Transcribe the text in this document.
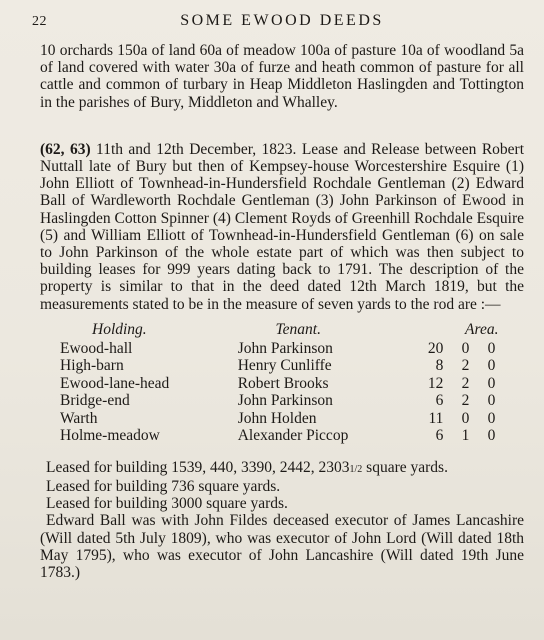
22	SOME EWOOD DEEDS

10 orchards 150a of land 60a of meadow 100a of pasture 10a of woodland 5a of land covered with water 30a of furze and heath common of pasture for all cattle and common of turbary in Heap Middleton Haslingden and Tottington in the parishes of Bury, Middleton and Whalley.

(62, 63) 11th and 12th December, 1823. Lease and Release between Robert Nuttall late of Bury but then of Kempsey-house Worcestershire Esquire (1) John Elliott of Townhead-in-Hundersfield Rochdale Gentleman (2) Edward Ball of Wardleworth Rochdale Gentleman (3) John Parkinson of Ewood in Haslingden Cotton Spinner (4) Clement Royds of Greenhill Rochdale Esquire (5) and William Elliott of Townhead-in-Hundersfield Gentleman (6) on sale to John Parkinson of the whole estate part of which was then subject to building leases for 999 years dating back to 1791. The description of the property is similar to that in the deed dated 12th March 1819, but the measurements stated to be in the measure of seven yards to the rod are :—

Holding.	Tenant.	Area.
Ewood-hall	John Parkinson	20	0	0
High-barn	Henry Cunliffe	8	2	0
Ewood-lane-head	Robert Brooks	12	2	0
Bridge-end	John Parkinson	6	2	0
Warth	John Holden	11	0	0
Holme-meadow	Alexander Piccop	6	1	0
Leased for building 1539, 440, 3390, 2442, 23031/2 square yards.
Leased for building 736 square yards.
Leased for building 3000 square yards.

Edward Ball was with John Fildes deceased executor of James Lancashire (Will dated 5th July 1809), who was executor of John Lord (Will dated 18th May 1795), who was executor of John Lancashire (Will dated 19th June 1783.)
